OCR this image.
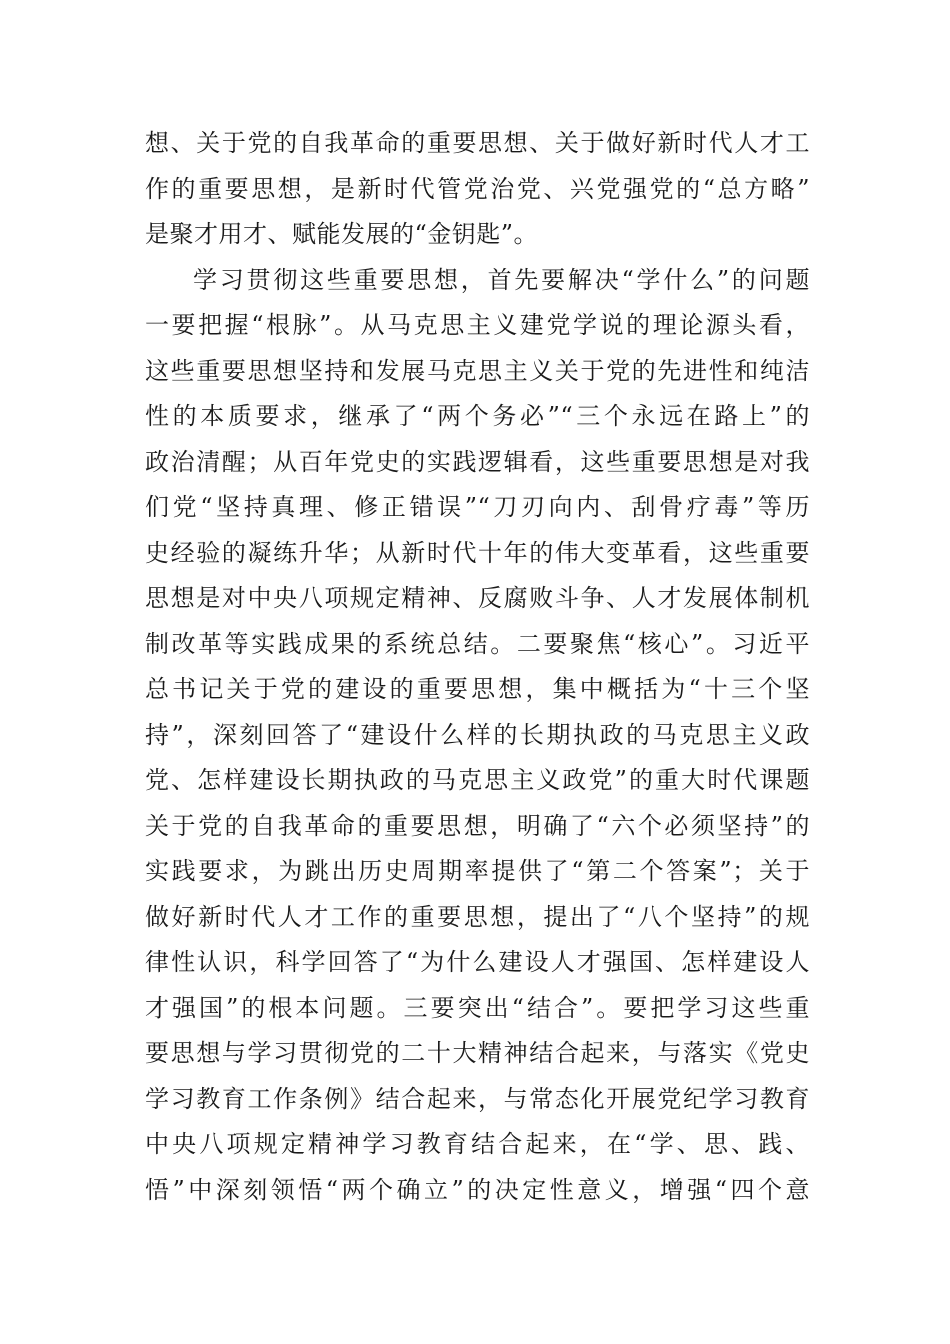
想、关于党的自我革命的重要思想、关于做好新时代人才工
作的重要思想，是新时代管党治党、兴党强党的“总方略”
是聚才用才、赋能发展的“金钥匙”。
学习贯彻这些重要思想，首先要解决“学什么”的问题
一要把握“根脉”。从马克思主义建党学说的理论源头看，
这些重要思想坚持和发展马克思主义关于党的先进性和纯洁
性的本质要求，继承了“两个务必”“三个永远在路上”的
政治清醒；从百年党史的实践逻辑看，这些重要思想是对我
们党“坚持真理、修正错误”“刀刃向内、刮骨疗毒”等历
史经验的凝练升华；从新时代十年的伟大变革看，这些重要
思想是对中央八项规定精神、反腐败斗争、人才发展体制机
制改革等实践成果的系统总结。二要聚焦“核心”。习近平
总书记关于党的建设的重要思想，集中概括为“十三个坚
持”，深刻回答了“建设什么样的长期执政的马克思主义政
党、怎样建设长期执政的马克思主义政党”的重大时代课题
关于党的自我革命的重要思想，明确了“六个必须坚持”的
实践要求，为跳出历史周期率提供了“第二个答案”；关于
做好新时代人才工作的重要思想，提出了“八个坚持”的规
律性认识，科学回答了“为什么建设人才强国、怎样建设人
才强国”的根本问题。三要突出“结合”。要把学习这些重
要思想与学习贯彻党的二十大精神结合起来，与落实《党史
学习教育工作条例》结合起来，与常态化开展党纪学习教育
中央八项规定精神学习教育结合起来，在“学、思、践、
悟”中深刻领悟“两个确立”的决定性意义，增强“四个意
